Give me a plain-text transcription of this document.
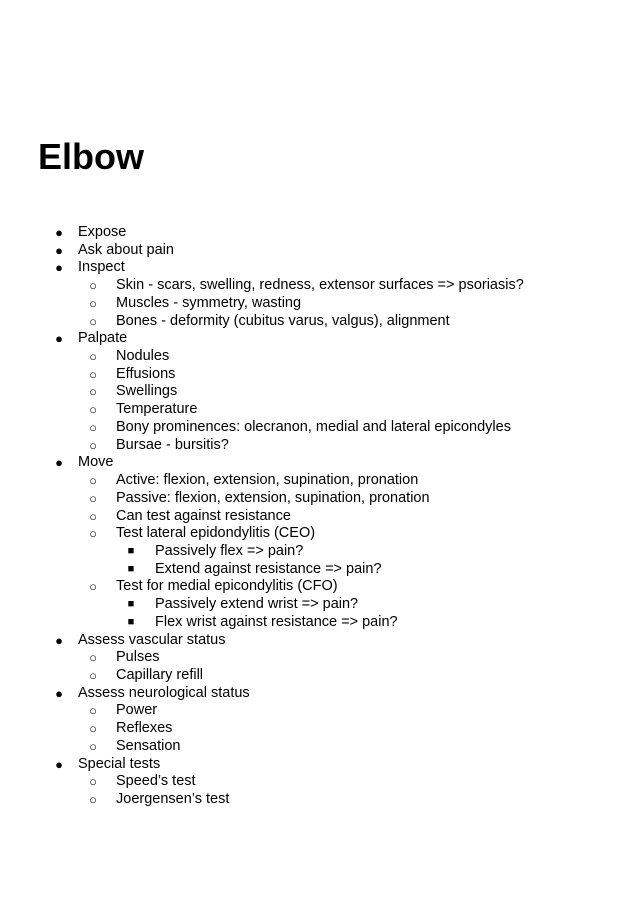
Elbow
● Expose
● Ask about pain
● Inspect
○ Skin - scars, swelling, redness, extensor surfaces => psoriasis?
○ Muscles - symmetry, wasting
○ Bones - deformity (cubitus varus, valgus), alignment
● Palpate
○ Nodules
○ Effusions
○ Swellings
○ Temperature
○ Bony prominences: olecranon, medial and lateral epicondyles
○ Bursae - bursitis?
● Move
○ Active: flexion, extension, supination, pronation
○ Passive: flexion, extension, supination, pronation
○ Can test against resistance
○ Test lateral epidondylitis (CEO)
■ Passively flex => pain?
■ Extend against resistance => pain?
○ Test for medial epicondylitis (CFO)
■ Passively extend wrist => pain?
■ Flex wrist against resistance => pain?
● Assess vascular status
○ Pulses
○ Capillary refill
● Assess neurological status
○ Power
○ Reflexes
○ Sensation
● Special tests
○ Speed’s test
○ Joergensen’s test
